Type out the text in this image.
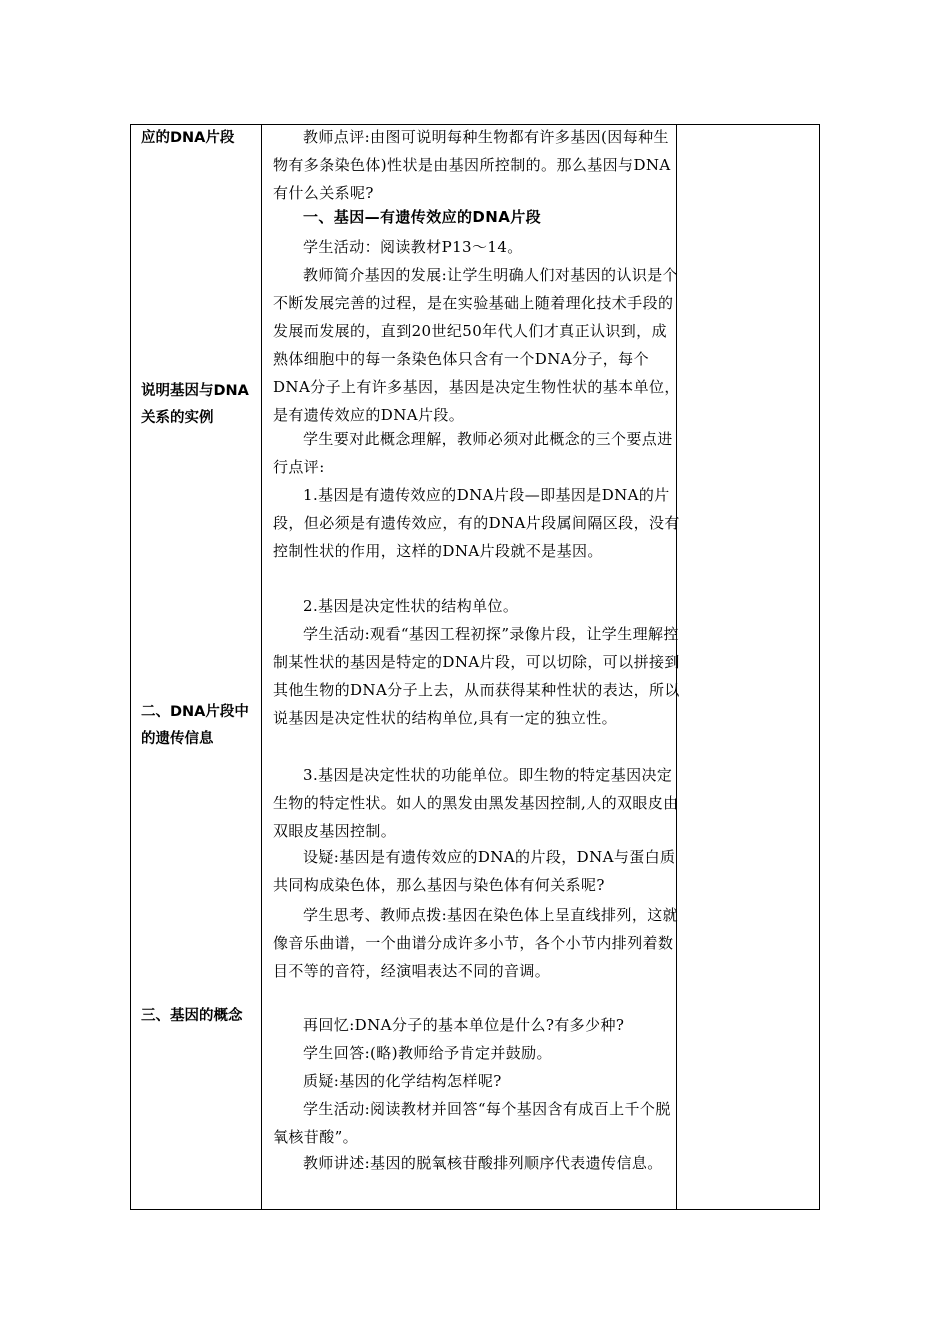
应的DNA片段
说明基因与DNA关系的实例
二、DNA片段中的遗传信息
三、基因的概念

教师点评:由图可说明每种生物都有许多基因(因每种生物有多条染色体)性状是由基因所控制的。那么基因与DNA有什么关系呢?

一、基因—有遗传效应的DNA片段

学生活动：阅读教材P13～14。

教师简介基因的发展:让学生明确人们对基因的认识是个不断发展完善的过程，是在实验基础上随着理化技术手段的发展而发展的，直到20世纪50年代人们才真正认识到，成熟体细胞中的每一条染色体只含有一个DNA分子，每个DNA分子上有许多基因，基因是决定生物性状的基本单位，是有遗传效应的DNA片段。

学生要对此概念理解，教师必须对此概念的三个要点进行点评:

1.基因是有遗传效应的DNA片段—即基因是DNA的片段，但必须是有遗传效应，有的DNA片段属间隔区段，没有控制性状的作用，这样的DNA片段就不是基因。

2.基因是决定性状的结构单位。

学生活动:观看“基因工程初探”录像片段，让学生理解控制某性状的基因是特定的DNA片段，可以切除，可以拼接到其他生物的DNA分子上去，从而获得某种性状的表达，所以说基因是决定性状的结构单位,具有一定的独立性。

3.基因是决定性状的功能单位。即生物的特定基因决定生物的特定性状。如人的黑发由黑发基因控制,人的双眼皮由双眼皮基因控制。

设疑:基因是有遗传效应的DNA的片段，DNA与蛋白质共同构成染色体，那么基因与染色体有何关系呢?

学生思考、教师点拨:基因在染色体上呈直线排列，这就像音乐曲谱，一个曲谱分成许多小节，各个小节内排列着数目不等的音符，经演唱表达不同的音调。

再回忆:DNA分子的基本单位是什么?有多少种?

学生回答:(略)教师给予肯定并鼓励。

质疑:基因的化学结构怎样呢?

学生活动:阅读教材并回答“每个基因含有成百上千个脱氧核苷酸”。

教师讲述:基因的脱氧核苷酸排列顺序代表遗传信息。
